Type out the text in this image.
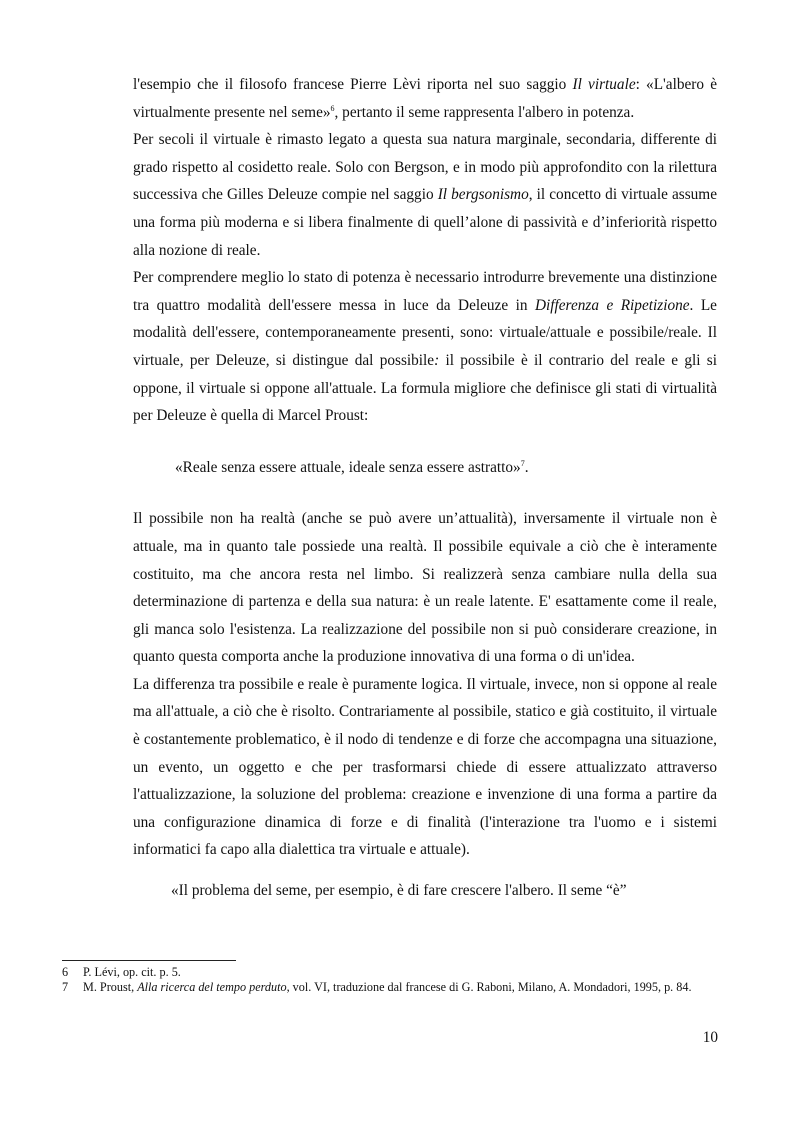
l'esempio che il filosofo francese Pierre Lèvi riporta nel suo saggio Il virtuale: «L'albero è virtualmente presente nel seme»$^6$, pertanto il seme rappresenta l'albero in potenza.

Per secoli il virtuale è rimasto legato a questa sua natura marginale, secondaria, differente di grado rispetto al cosidetto reale. Solo con Bergson, e in modo più approfondito con la rilettura successiva che Gilles Deleuze compie nel saggio Il bergsonismo, il concetto di virtuale assume una forma più moderna e si libera finalmente di quell’alone di passività e d’inferiorità rispetto alla nozione di reale.

Per comprendere meglio lo stato di potenza è necessario introdurre brevemente una distinzione tra quattro modalità dell'essere messa in luce da Deleuze in Differenza e Ripetizione. Le modalità dell'essere, contemporaneamente presenti, sono: virtuale/attuale e possibile/reale. Il virtuale, per Deleuze, si distingue dal possibile: il possibile è il contrario del reale e gli si oppone, il virtuale si oppone all'attuale. La formula migliore che definisce gli stati di virtualità per Deleuze è quella di Marcel Proust:

«Reale senza essere attuale, ideale senza essere astratto»$^7$.

Il possibile non ha realtà (anche se può avere un’attualità), inversamente il virtuale non è attuale, ma in quanto tale possiede una realtà. Il possibile equivale a ciò che è interamente costituito, ma che ancora resta nel limbo. Si realizzerà senza cambiare nulla della sua determinazione di partenza e della sua natura: è un reale latente. E' esattamente come il reale, gli manca solo l'esistenza. La realizzazione del possibile non si può considerare creazione, in quanto questa comporta anche la produzione innovativa di una forma o di un'idea.

La differenza tra possibile e reale è puramente logica. Il virtuale, invece, non si oppone al reale ma all'attuale, a ciò che è risolto. Contrariamente al possibile, statico e già costituito, il virtuale è costantemente problematico, è il nodo di tendenze e di forze che accompagna una situazione, un evento, un oggetto e che per trasformarsi chiede di essere attualizzato attraverso l'attualizzazione, la soluzione del problema: creazione e invenzione di una forma a partire da una configurazione dinamica di forze e di finalità (l'interazione tra l'uomo e i sistemi informatici fa capo alla dialettica tra virtuale e attuale).

«Il problema del seme, per esempio, è di fare crescere l'albero. Il seme “è”

6	P. Lévi, op. cit. p. 5.
7	M. Proust, Alla ricerca del tempo perduto, vol. VI, traduzione dal francese di G. Raboni, Milano, A. Mondadori, 1995, p. 84.
10
